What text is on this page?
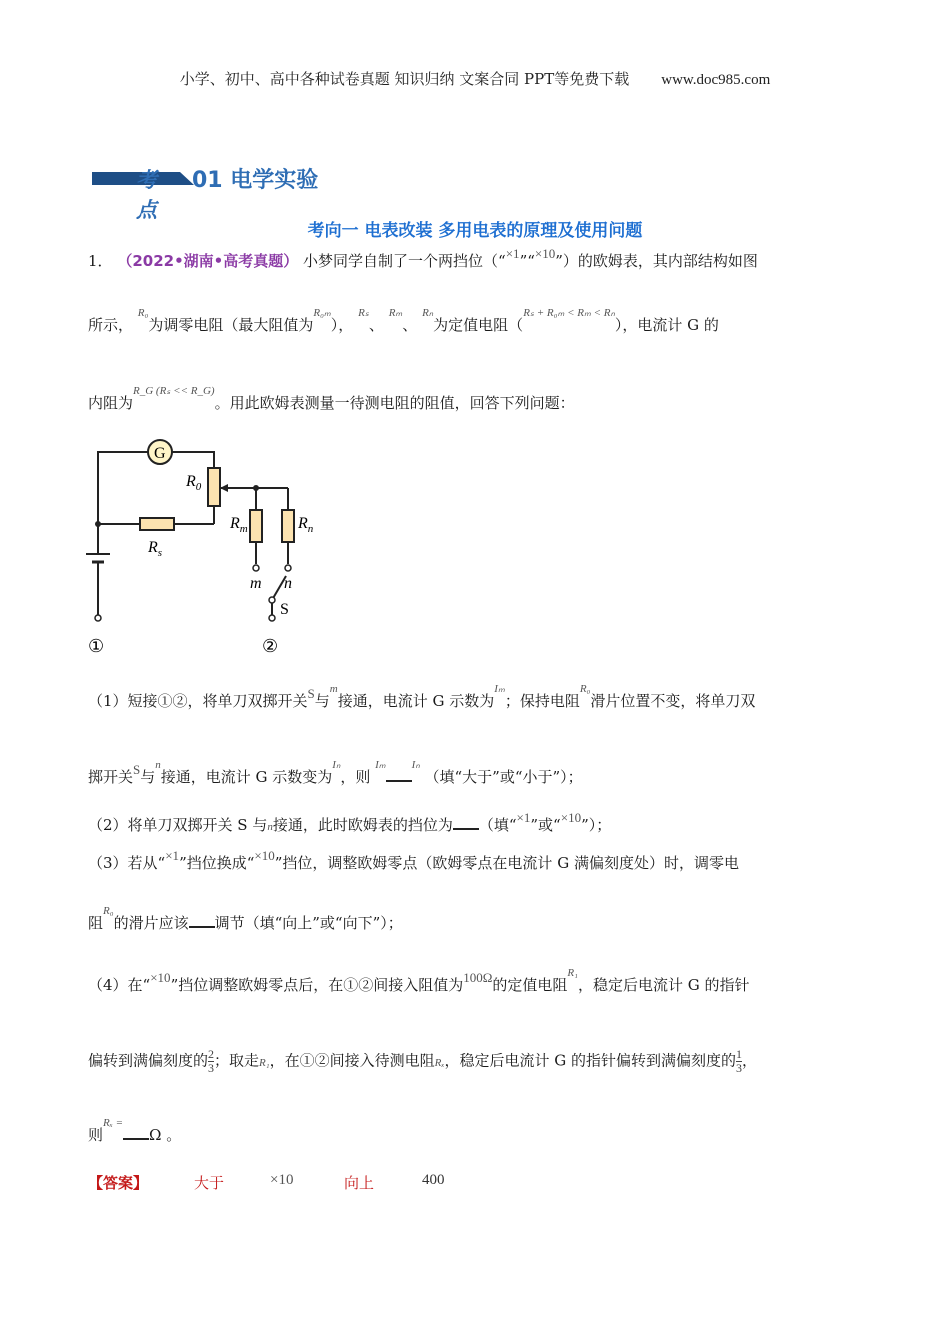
小学、初中、高中各种试卷真题 知识归纳 文案合同 PPT等免费下载 www.doc985.com
考点
01 电学实验
考向一 电表改装 多用电表的原理及使用问题
1． （2022•湖南•高考真题） 小梦同学自制了一个两挡位（“×1”“×10”）的欧姆表，其内部结构如图
所示， $^{R_0}$为调零电阻（最大阻值为$^{R_{0m}}$）， $^{R_s}$、 $^{R_m}$、 $^{R_n}$为定值电阻（$^{R_s + R_{0m} < R_m < R_n}$），电流计 G 的
内阻为$^{R\_G (R_s << R\_G)}$。用此欧姆表测量一待测电阻的阻值，回答下列问题：
G
$R_0$
$R_m$	$R_n$
$R_s$
m n
S
①	②
（1）短接①②，将单刀双掷开关S与$^m$接通，电流计 G 示数为$^{I_m}$；保持电阻$^{R_0}$滑片位置不变，将单刀双
掷开关S与$^n$接通，电流计 G 示数变为$^{I_n}$，则 $^{I_m}$ $^{I_n}$ （填“大于”或“小于”）；
（2）将单刀双掷开关 S 与n接通，此时欧姆表的挡位为 （填“×1”或“×10”）；
（3）若从“×1”挡位换成“×10”挡位，调整欧姆零点（欧姆零点在电流计 G 满偏刻度处）时，调零电
阻$^{R_0}$的滑片应该 调节（填“向上”或“向下”）；
（4）在“×10”挡位调整欧姆零点后，在①②间接入阻值为100Ω的定值电阻$^{R_1}$，稳定后电流计 G 的指针
偏转到满偏刻度的 $\frac{2}{3}$ ；取走R₁，在①②间接入待测电阻Rₓ，稳定后电流计 G 的指针偏转到满偏刻度的 $\frac{1}{3}$ ，
则$^{R_x =}$Ω 。
【答案】	大于	×10	向上	400
